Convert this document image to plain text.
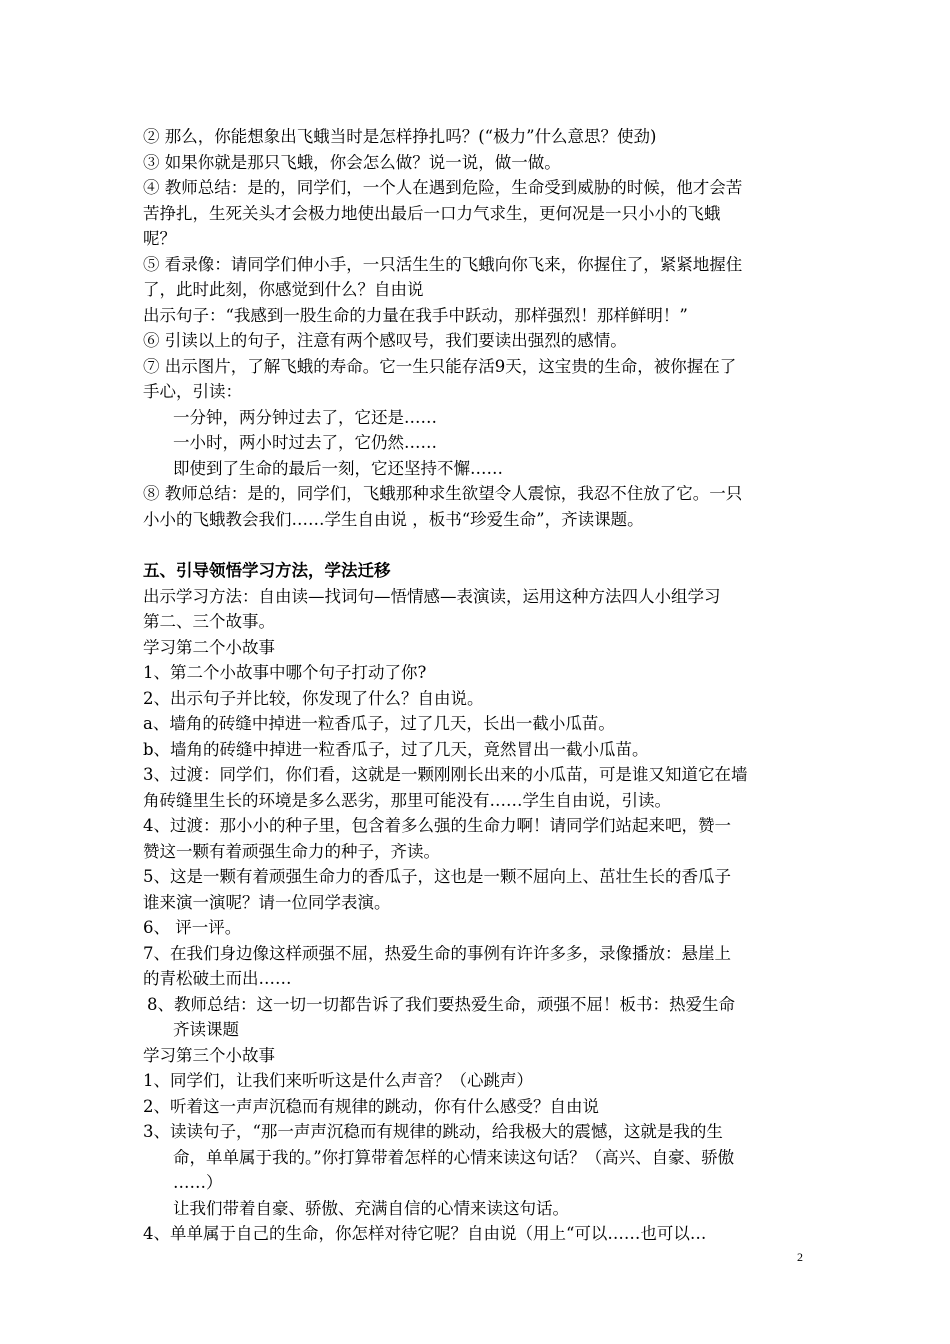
② 那么，你能想象出飞蛾当时是怎样挣扎吗？(“极力”什么意思？使劲)
③ 如果你就是那只飞蛾，你会怎么做？说一说，做一做。
④ 教师总结：是的，同学们，一个人在遇到危险，生命受到威胁的时候，他才会苦
苦挣扎，生死关头才会极力地使出最后一口力气求生，更何况是一只小小的飞蛾
呢？
⑤ 看录像：请同学们伸小手，一只活生生的飞蛾向你飞来，你握住了，紧紧地握住
了，此时此刻，你感觉到什么？自由说
出示句子：“我感到一股生命的力量在我手中跃动，那样强烈！那样鲜明！”
⑥ 引读以上的句子，注意有两个感叹号，我们要读出强烈的感情。
⑦ 出示图片，了解飞蛾的寿命。它一生只能存活9天，这宝贵的生命，被你握在了
手心，引读：
一分钟，两分钟过去了，它还是……
一小时，两小时过去了，它仍然……
即使到了生命的最后一刻，它还坚持不懈……
⑧ 教师总结：是的，同学们，飞蛾那种求生欲望令人震惊，我忍不住放了它。一只
小小的飞蛾教会我们……学生自由说 ，板书“珍爱生命”，齐读课题。
五、引导领悟学习方法，学法迁移
出示学习方法：自由读—找词句—悟情感—表演读，运用这种方法四人小组学习
第二、三个故事。
学习第二个小故事
1、第二个小故事中哪个句子打动了你?
2、出示句子并比较，你发现了什么？自由说。
a、墙角的砖缝中掉进一粒香瓜子，过了几天，长出一截小瓜苗。
b、墙角的砖缝中掉进一粒香瓜子，过了几天，竟然冒出一截小瓜苗。
3、过渡：同学们，你们看，这就是一颗刚刚长出来的小瓜苗，可是谁又知道它在墙
角砖缝里生长的环境是多么恶劣，那里可能没有……学生自由说，引读。
4、过渡：那小小的种子里，包含着多么强的生命力啊！请同学们站起来吧，赞一
赞这一颗有着顽强生命力的种子，齐读。
5、这是一颗有着顽强生命力的香瓜子，这也是一颗不屈向上、茁壮生长的香瓜子
谁来演一演呢？请一位同学表演。
6、 评一评。
7、在我们身边像这样顽强不屈，热爱生命的事例有许许多多，录像播放：悬崖上
的青松破土而出……
8、教师总结：这一切一切都告诉了我们要热爱生命，顽强不屈！板书：热爱生命
齐读课题
学习第三个小故事
1、同学们，让我们来听听这是什么声音？（心跳声）
2、听着这一声声沉稳而有规律的跳动，你有什么感受？自由说
3、读读句子，“那一声声沉稳而有规律的跳动，给我极大的震憾，这就是我的生
命，单单属于我的。”你打算带着怎样的心情来读这句话？（高兴、自豪、骄傲
……）
让我们带着自豪、骄傲、充满自信的心情来读这句话。
4、单单属于自己的生命，你怎样对待它呢？自由说（用上“可以……也可以…
2
